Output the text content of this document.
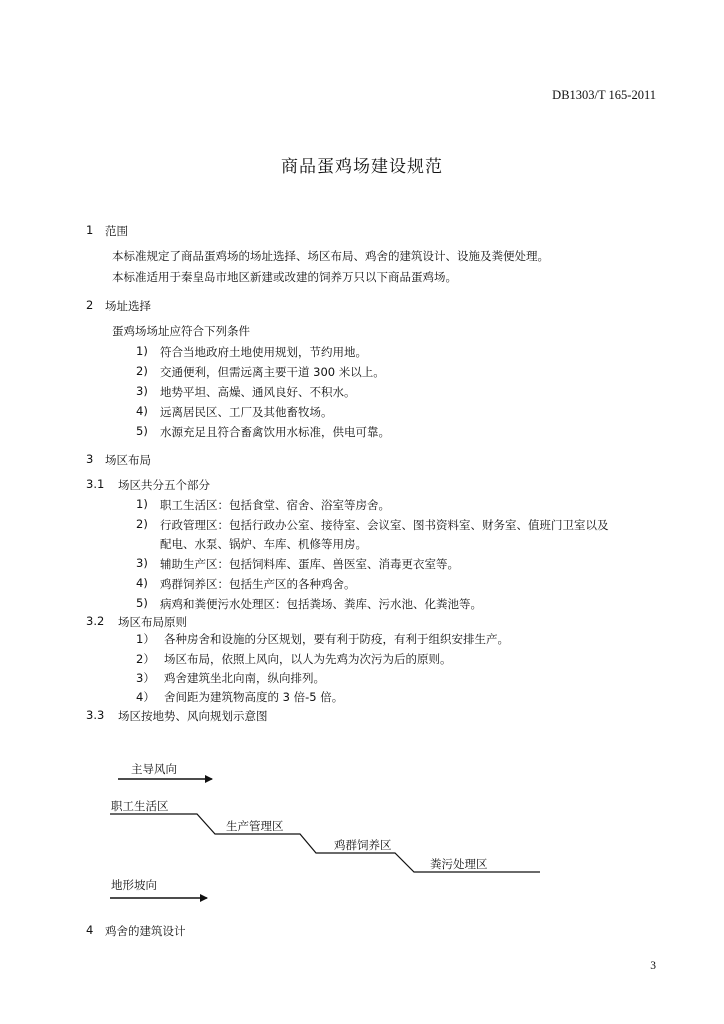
DB1303/T 165-2011
商品蛋鸡场建设规范
1 范围
本标准规定了商品蛋鸡场的场址选择、场区布局、鸡舍的建筑设计、设施及粪便处理。
本标准适用于秦皇岛市地区新建或改建的饲养万只以下商品蛋鸡场。
2 场址选择
蛋鸡场场址应符合下列条件
1) 符合当地政府土地使用规划，节约用地。
2) 交通便利，但需远离主要干道 300 米以上。
3) 地势平坦、高燥、通风良好、不积水。
4) 远离居民区、工厂及其他畜牧场。
5) 水源充足且符合畜禽饮用水标准，供电可靠。
3 场区布局
3.1 场区共分五个部分
1) 职工生活区：包括食堂、宿舍、浴室等房舍。
2) 行政管理区：包括行政办公室、接待室、会议室、图书资料室、财务室、值班门卫室以及
配电、水泵、锅炉、车库、机修等用房。
3) 辅助生产区：包括饲料库、蛋库、兽医室、消毒更衣室等。
4) 鸡群饲养区：包括生产区的各种鸡舍。
5) 病鸡和粪便污水处理区：包括粪场、粪库、污水池、化粪池等。
3.2 场区布局原则
1） 各种房舍和设施的分区规划，要有利于防疫，有利于组织安排生产。
2） 场区布局，依照上风向，以人为先鸡为次污为后的原则。
3） 鸡舍建筑坐北向南，纵向排列。
4） 舍间距为建筑物高度的 3 倍-5 倍。
3.3 场区按地势、风向规划示意图
主导风向
职工生活区
生产管理区
鸡群饲养区
粪污处理区
地形坡向
4 鸡舍的建筑设计
3
